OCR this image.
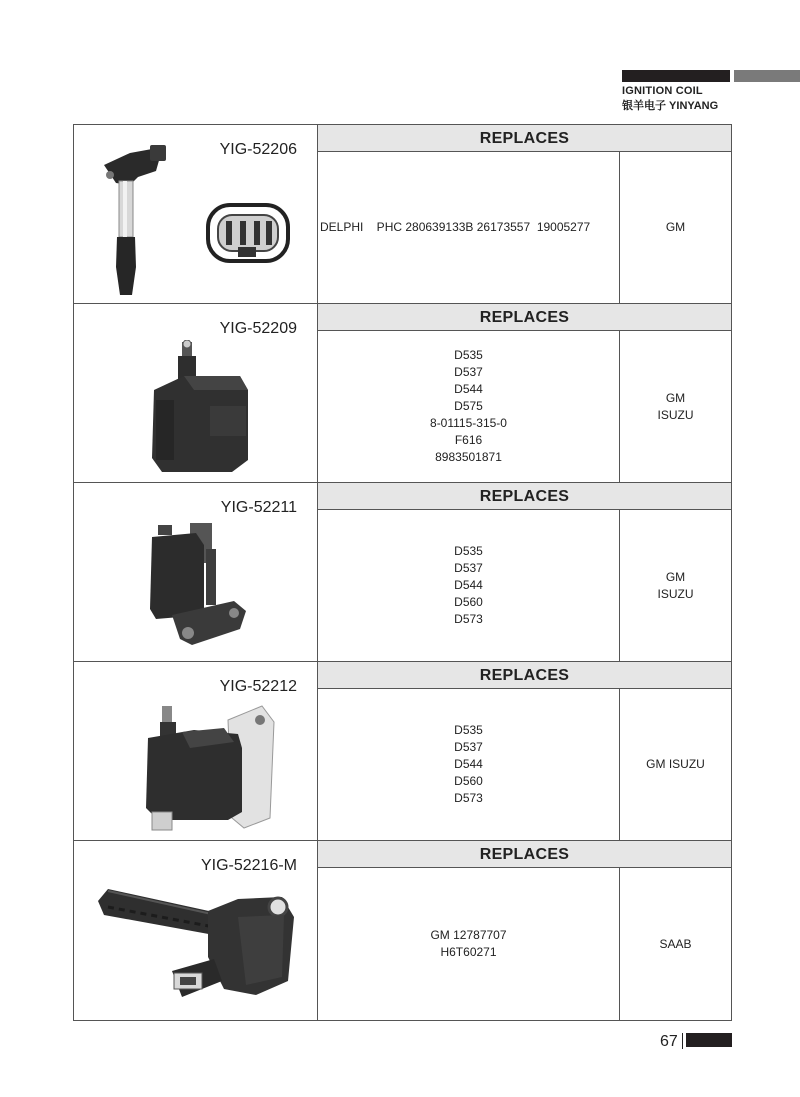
IGNITION COIL
银羊电子 YINYANG
YIG-52206
REPLACES
DELPHI    PHC 280639133B 26173557  19005277	GM
YIG-52209
REPLACES
D535
D537
D544
D575
8-01115-315-0
F616
8983501871
GM
ISUZU
YIG-52211
REPLACES
D535
D537
D544
D560
D573
GM
ISUZU
YIG-52212
REPLACES
D535
D537
D544
D560
D573
GM ISUZU
YIG-52216-M
REPLACES
GM 12787707
H6T60271
SAAB
67
